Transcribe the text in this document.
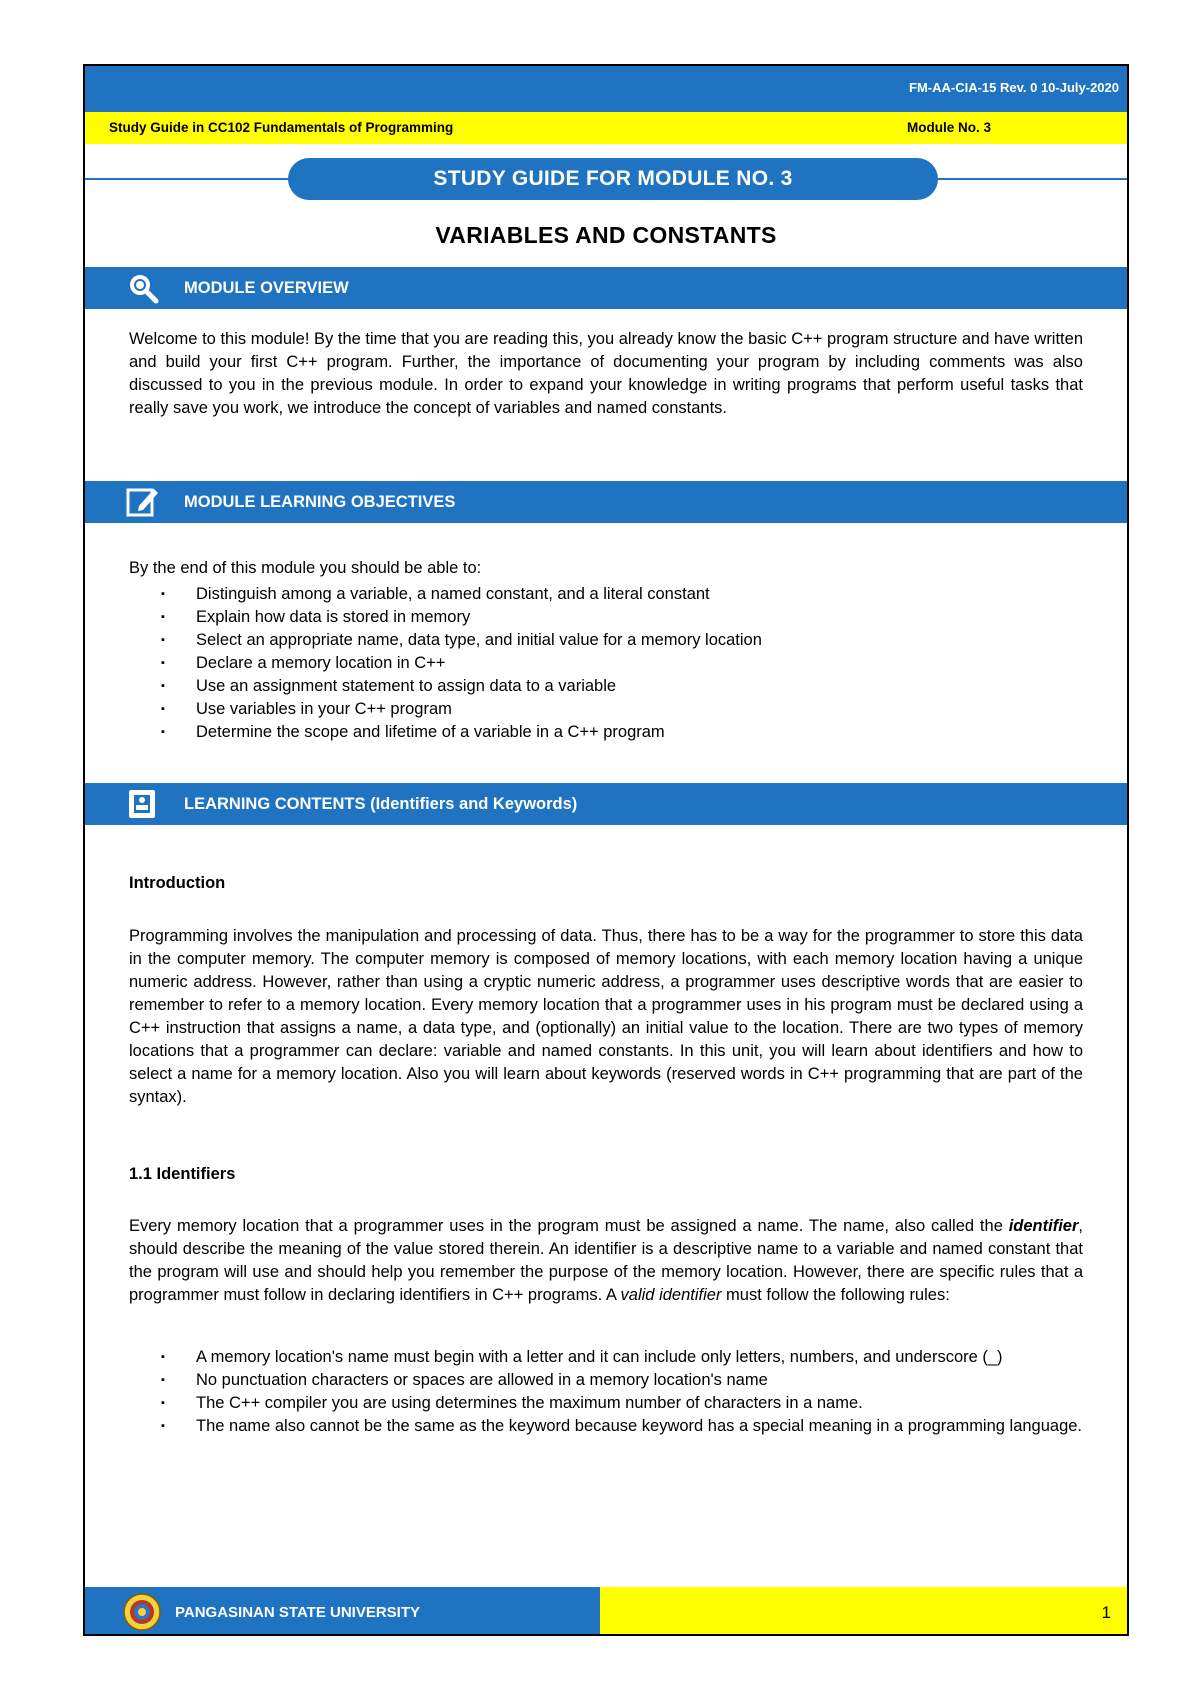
FM-AA-CIA-15 Rev. 0 10-July-2020
Study Guide in CC102 Fundamentals of Programming	Module No. 3
STUDY GUIDE FOR MODULE NO. 3
VARIABLES AND CONSTANTS
MODULE OVERVIEW

Welcome to this module! By the time that you are reading this, you already know the basic C++ program structure and have written and build your first C++ program. Further, the importance of documenting your program by including comments was also discussed to you in the previous module. In order to expand your knowledge in writing programs that perform useful tasks that really save you work, we introduce the concept of variables and named constants.

MODULE LEARNING OBJECTIVES
By the end of this module you should be able to:
▪ Distinguish among a variable, a named constant, and a literal constant
▪ Explain how data is stored in memory
▪ Select an appropriate name, data type, and initial value for a memory location
▪ Declare a memory location in C++
▪ Use an assignment statement to assign data to a variable
▪ Use variables in your C++ program
▪ Determine the scope and lifetime of a variable in a C++ program
LEARNING CONTENTS (Identifiers and Keywords)
Introduction

Programming involves the manipulation and processing of data. Thus, there has to be a way for the programmer to store this data in the computer memory. The computer memory is composed of memory locations, with each memory location having a unique numeric address. However, rather than using a cryptic numeric address, a programmer uses descriptive words that are easier to remember to refer to a memory location. Every memory location that a programmer uses in his program must be declared using a C++ instruction that assigns a name, a data type, and (optionally) an initial value to the location. There are two types of memory locations that a programmer can declare: variable and named constants. In this unit, you will learn about identifiers and how to select a name for a memory location. Also you will learn about keywords (reserved words in C++ programming that are part of the syntax).

1.1 Identifiers

Every memory location that a programmer uses in the program must be assigned a name. The name, also called the identifier, should describe the meaning of the value stored therein. An identifier is a descriptive name to a variable and named constant that the program will use and should help you remember the purpose of the memory location. However, there are specific rules that a programmer must follow in declaring identifiers in C++ programs. A valid identifier must follow the following rules:

▪ A memory location's name must begin with a letter and it can include only letters, numbers, and underscore (_)
▪ No punctuation characters or spaces are allowed in a memory location's name
▪ The C++ compiler you are using determines the maximum number of characters in a name.
▪ The name also cannot be the same as the keyword because keyword has a special meaning in a programming language.
PANGASINAN STATE UNIVERSITY	1
